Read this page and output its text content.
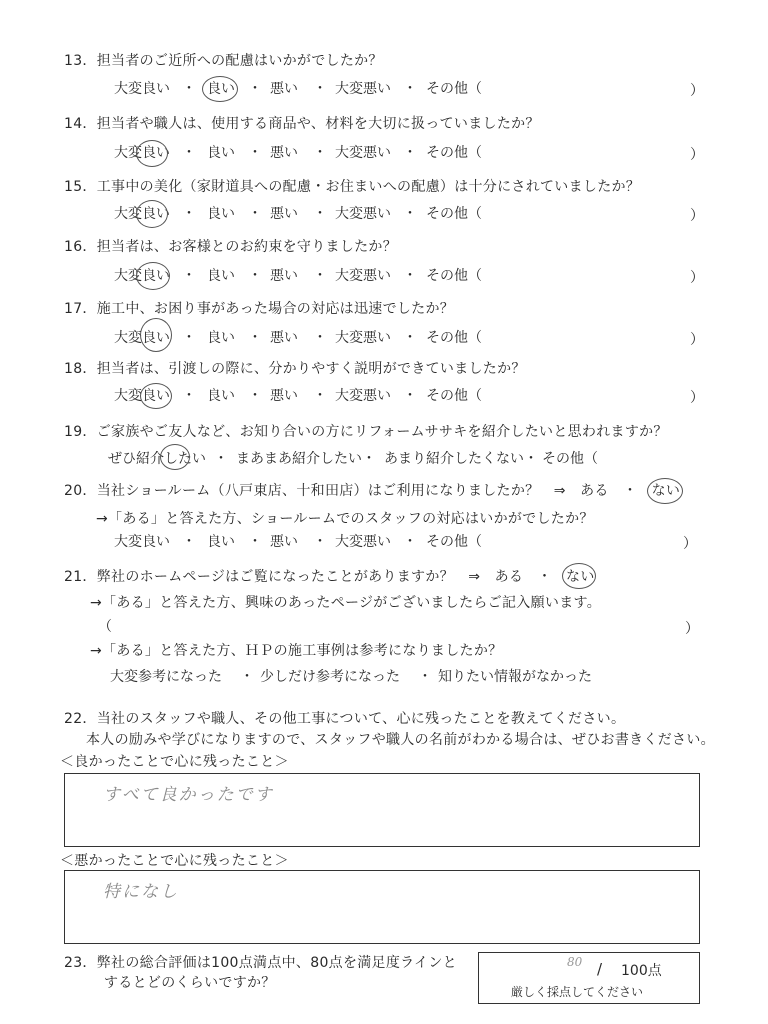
13．担当者のご近所への配慮はいかがでしたか？
大変良い ・ 良い ・ 悪い ・ 大変悪い ・ その他（	）
14．担当者や職人は、使用する商品や、材料を大切に扱っていましたか？
大変良い ・ 良い ・ 悪い ・ 大変悪い ・ その他（	）
15．工事中の美化（家財道具への配慮・お住まいへの配慮）は十分にされていましたか？
大変良い ・ 良い ・ 悪い ・ 大変悪い ・ その他（	）
16．担当者は、お客様とのお約束を守りましたか？
大変良い ・ 良い ・ 悪い ・ 大変悪い ・ その他（	）
17．施工中、お困り事があった場合の対応は迅速でしたか？
大変良い ・ 良い ・ 悪い ・ 大変悪い ・ その他（	）
18．担当者は、引渡しの際に、分かりやすく説明ができていましたか？
大変良い ・ 良い ・ 悪い ・ 大変悪い ・ その他（	）
19．ご家族やご友人など、お知り合いの方にリフォームササキを紹介したいと思われますか？
ぜひ紹介したい ・ まあまあ紹介したい ・ あまり紹介したくない ・ その他（
20．当社ショールーム（八戸東店、十和田店）はご利用になりましたか？　⇒　ある　・　ない
→「ある」と答えた方、ショールームでのスタッフの対応はいかがでしたか？
大変良い ・ 良い ・ 悪い ・ 大変悪い ・ その他（	）
21．弊社のホームページはご覧になったことがありますか？　⇒　ある　・　ない
→「ある」と答えた方、興味のあったページがございましたらご記入願います。
（	）
→「ある」と答えた方、ＨＰの施工事例は参考になりましたか？
大変参考になった ・ 少しだけ参考になった ・ 知りたい情報がなかった
22．当社のスタッフや職人、その他工事について、心に残ったことを教えてください。
本人の励みや学びになりますので、スタッフや職人の名前がわかる場合は、ぜひお書きください。
＜良かったことで心に残ったこと＞
すべて良かったです
＜悪かったことで心に残ったこと＞
特になし
23．弊社の総合評価は100点満点中、80点を満足度ラインと
するとどのくらいですか？
80 / 100点
厳しく採点してください
